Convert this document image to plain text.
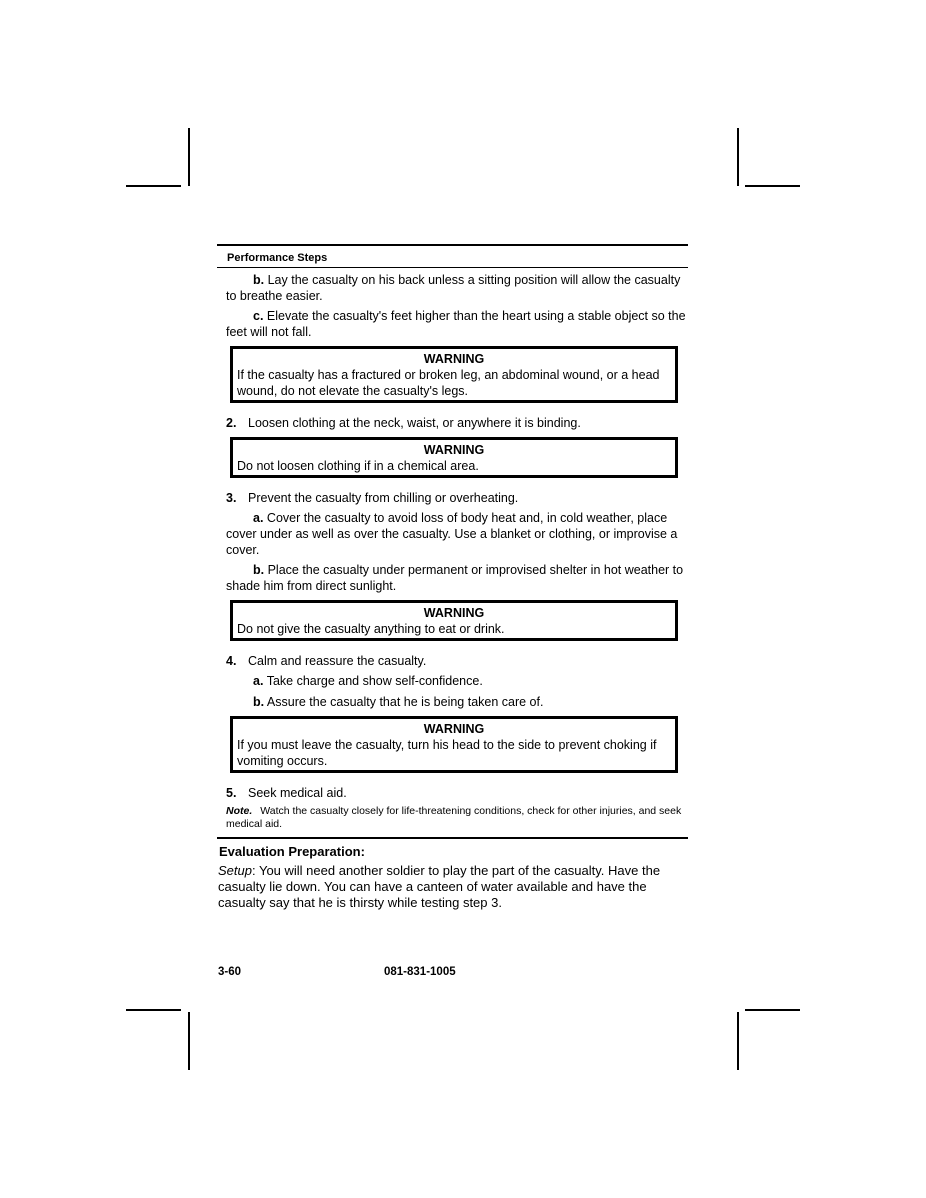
Performance Steps

b. Lay the casualty on his back unless a sitting position will allow the casualty to breathe easier.

c. Elevate the casualty's feet higher than the heart using a stable object so the feet will not fall.

WARNING
If the casualty has a fractured or broken leg, an abdominal wound, or a head wound, do not elevate the casualty's legs.

2. Loosen clothing at the neck, waist, or anywhere it is binding.

WARNING
Do not loosen clothing if in a chemical area.

3. Prevent the casualty from chilling or overheating.

a. Cover the casualty to avoid loss of body heat and, in cold weather, place cover under as well as over the casualty. Use a blanket or clothing, or improvise a cover.

b. Place the casualty under permanent or improvised shelter in hot weather to shade him from direct sunlight.

WARNING
Do not give the casualty anything to eat or drink.

4. Calm and reassure the casualty.

a. Take charge and show self-confidence.

b. Assure the casualty that he is being taken care of.

WARNING
If you must leave the casualty, turn his head to the side to prevent choking if vomiting occurs.

5. Seek medical aid.

Note. Watch the casualty closely for life-threatening conditions, check for other injuries, and seek medical aid.

Evaluation Preparation:
Setup: You will need another soldier to play the part of the casualty. Have the casualty lie down. You can have a canteen of water available and have the casualty say that he is thirsty while testing step 3.
3-60	081-831-1005
